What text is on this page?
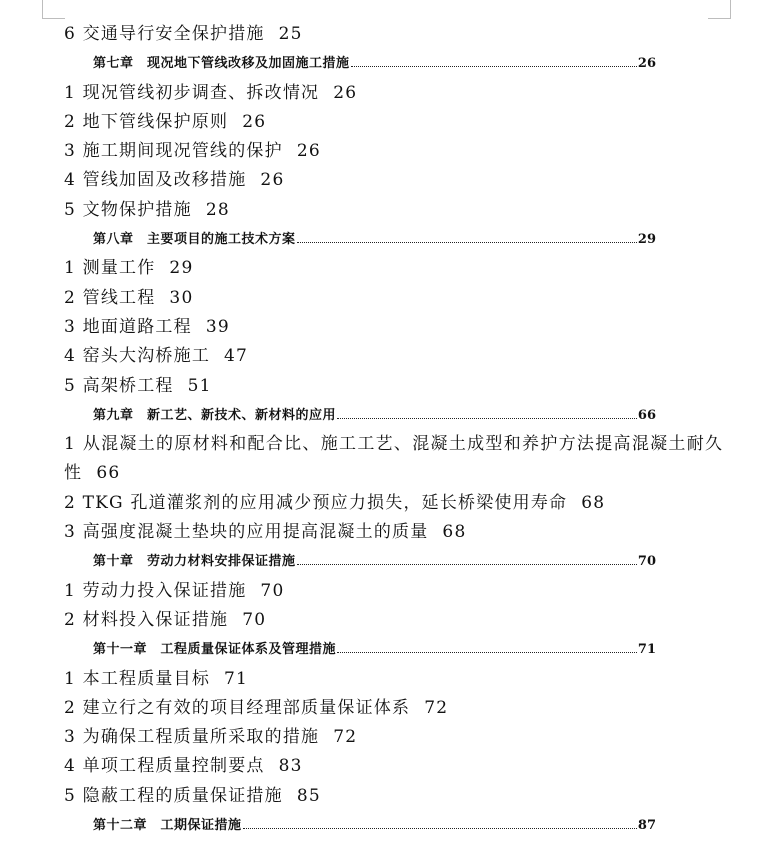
6 交通导行安全保护措施 25
第七章　现况地下管线改移及加固施工措施	26
1 现况管线初步调查、拆改情况 26
2 地下管线保护原则 26
3 施工期间现况管线的保护 26
4 管线加固及改移措施 26
5 文物保护措施 28
第八章　主要项目的施工技术方案	29
1 测量工作 29
2 管线工程 30
3 地面道路工程 39
4 窑头大沟桥施工 47
5 高架桥工程 51
第九章　新工艺、新技术、新材料的应用	66
1 从混凝土的原材料和配合比、施工工艺、混凝土成型和养护方法提高混凝土耐久性 66
2 TKG 孔道灌浆剂的应用减少预应力损失，延长桥梁使用寿命 68
3 高强度混凝土垫块的应用提高混凝土的质量 68
第十章　劳动力材料安排保证措施	70
1 劳动力投入保证措施 70
2 材料投入保证措施 70
第十一章　工程质量保证体系及管理措施	71
1 本工程质量目标 71
2 建立行之有效的项目经理部质量保证体系 72
3 为确保工程质量所采取的措施 72
4 单项工程质量控制要点 83
5 隐蔽工程的质量保证措施 85
第十二章　工期保证措施	87
